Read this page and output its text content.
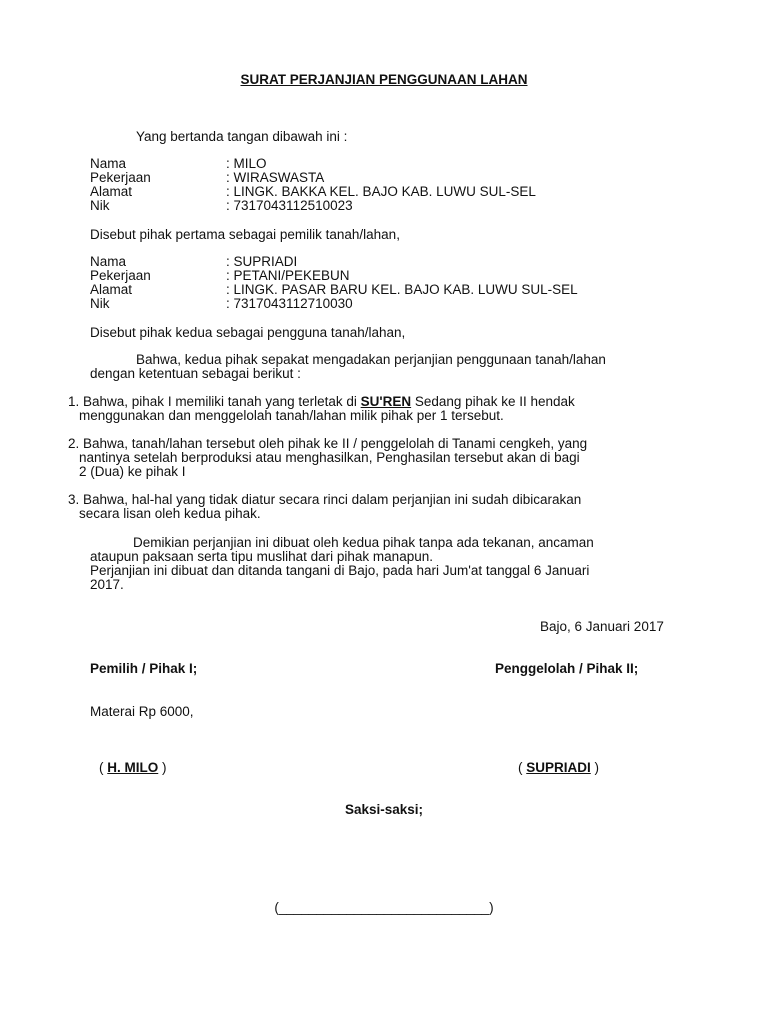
SURAT PERJANJIAN PENGGUNAAN LAHAN
Yang bertanda tangan dibawah ini :
Nama	: MILO
Pekerjaan	: WIRASWASTA
Alamat	: LINGK. BAKKA KEL. BAJO KAB. LUWU SUL-SEL
Nik	: 7317043112510023
Disebut pihak pertama sebagai pemilik tanah/lahan,
Nama	: SUPRIADI
Pekerjaan	: PETANI/PEKEBUN
Alamat	: LINGK. PASAR BARU KEL. BAJO KAB. LUWU SUL-SEL
Nik	: 7317043112710030
Disebut pihak kedua sebagai pengguna tanah/lahan,
Bahwa, kedua pihak sepakat mengadakan perjanjian penggunaan tanah/lahan
dengan ketentuan sebagai berikut :
1. Bahwa, pihak I memiliki tanah yang terletak di SU'REN Sedang pihak ke II hendak
menggunakan dan menggelolah tanah/lahan milik pihak per 1 tersebut.
2. Bahwa, tanah/lahan tersebut oleh pihak ke II / penggelolah di Tanami cengkeh, yang
nantinya setelah berproduksi atau menghasilkan, Penghasilan tersebut akan di bagi
2 (Dua) ke pihak I
3. Bahwa, hal-hal yang tidak diatur secara rinci dalam perjanjian ini sudah dibicarakan
secara lisan oleh kedua pihak.
Demikian perjanjian ini dibuat oleh kedua pihak tanpa ada tekanan, ancaman
ataupun paksaan serta tipu muslihat dari pihak manapun.
Perjanjian ini dibuat dan ditanda tangani di Bajo, pada hari Jum'at tanggal 6 Januari
2017.
Bajo, 6 Januari 2017
Pemilih / Pihak I;	Penggelolah / Pihak II;
Materai Rp 6000,
( H. MILO )	( SUPRIADI )
Saksi-saksi;
(____________________________)
